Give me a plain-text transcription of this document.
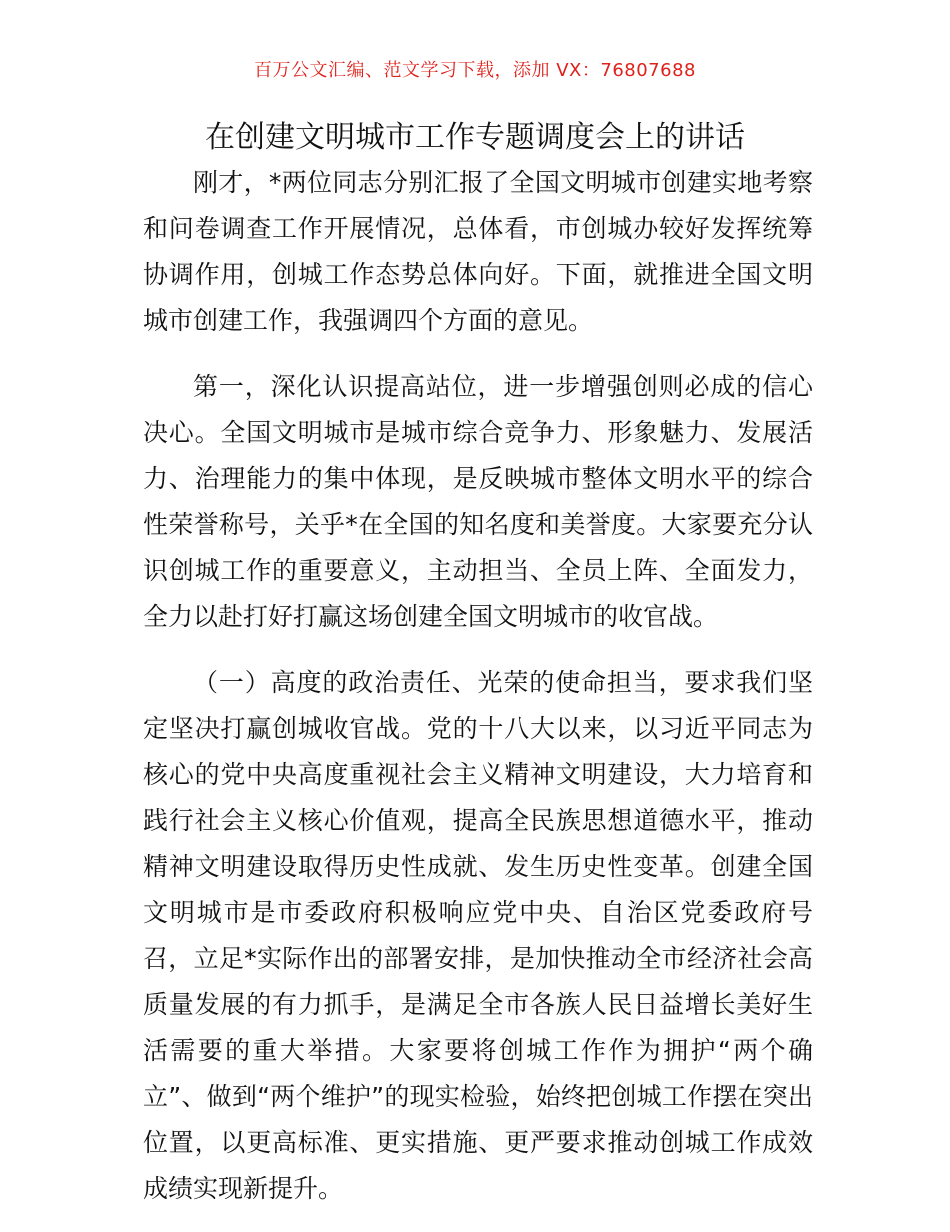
百万公文汇编、范文学习下载，添加 VX：76807688
在创建文明城市工作专题调度会上的讲话

刚才，*两位同志分别汇报了全国文明城市创建实地考察和问卷调查工作开展情况，总体看，市创城办较好发挥统筹协调作用，创城工作态势总体向好。下面，就推进全国文明城市创建工作，我强调四个方面的意见。

第一，深化认识提高站位，进一步增强创则必成的信心决心。全国文明城市是城市综合竞争力、形象魅力、发展活力、治理能力的集中体现，是反映城市整体文明水平的综合性荣誉称号，关乎*在全国的知名度和美誉度。大家要充分认识创城工作的重要意义，主动担当、全员上阵、全面发力，全力以赴打好打赢这场创建全国文明城市的收官战。

（一）高度的政治责任、光荣的使命担当，要求我们坚定坚决打赢创城收官战。党的十八大以来，以习近平同志为核心的党中央高度重视社会主义精神文明建设，大力培育和践行社会主义核心价值观，提高全民族思想道德水平，推动精神文明建设取得历史性成就、发生历史性变革。创建全国文明城市是市委政府积极响应党中央、自治区党委政府号召，立足*实际作出的部署安排，是加快推动全市经济社会高质量发展的有力抓手，是满足全市各族人民日益增长美好生活需要的重大举措。大家要将创城工作作为拥护“两个确立”、做到“两个维护”的现实检验，始终把创城工作摆在突出位置，以更高标准、更实措施、更严要求推动创城工作成效成绩实现新提升。
